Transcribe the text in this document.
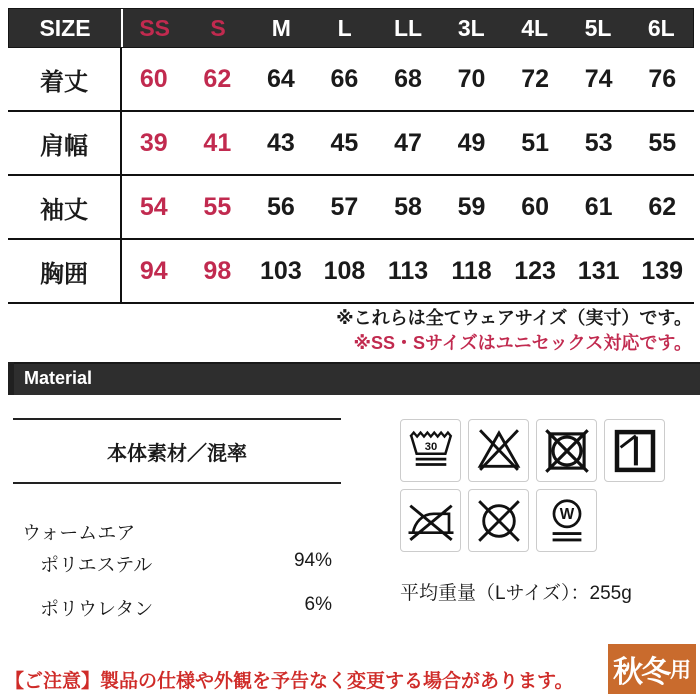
SIZE	SS	S	M	L	LL	3L	4L	5L	6L
着丈	60	62	64	66	68	70	72	74	76
肩幅	39	41	43	45	47	49	51	53	55
袖丈	54	55	56	57	58	59	60	61	62
胸囲	94	98	103 108 113 118 123 131 139
※これらは全てウェアサイズ（実寸）です。
※SS・Sサイズはユニセックス対応です。
Material
本体素材／混率
ウォームエア
ポリエステル	94%
ポリウレタン	6%
30
W
平均重量（Lサイズ）：255g
【ご注意】製品の仕様や外観を予告なく変更する場合があります。 秋冬 用
